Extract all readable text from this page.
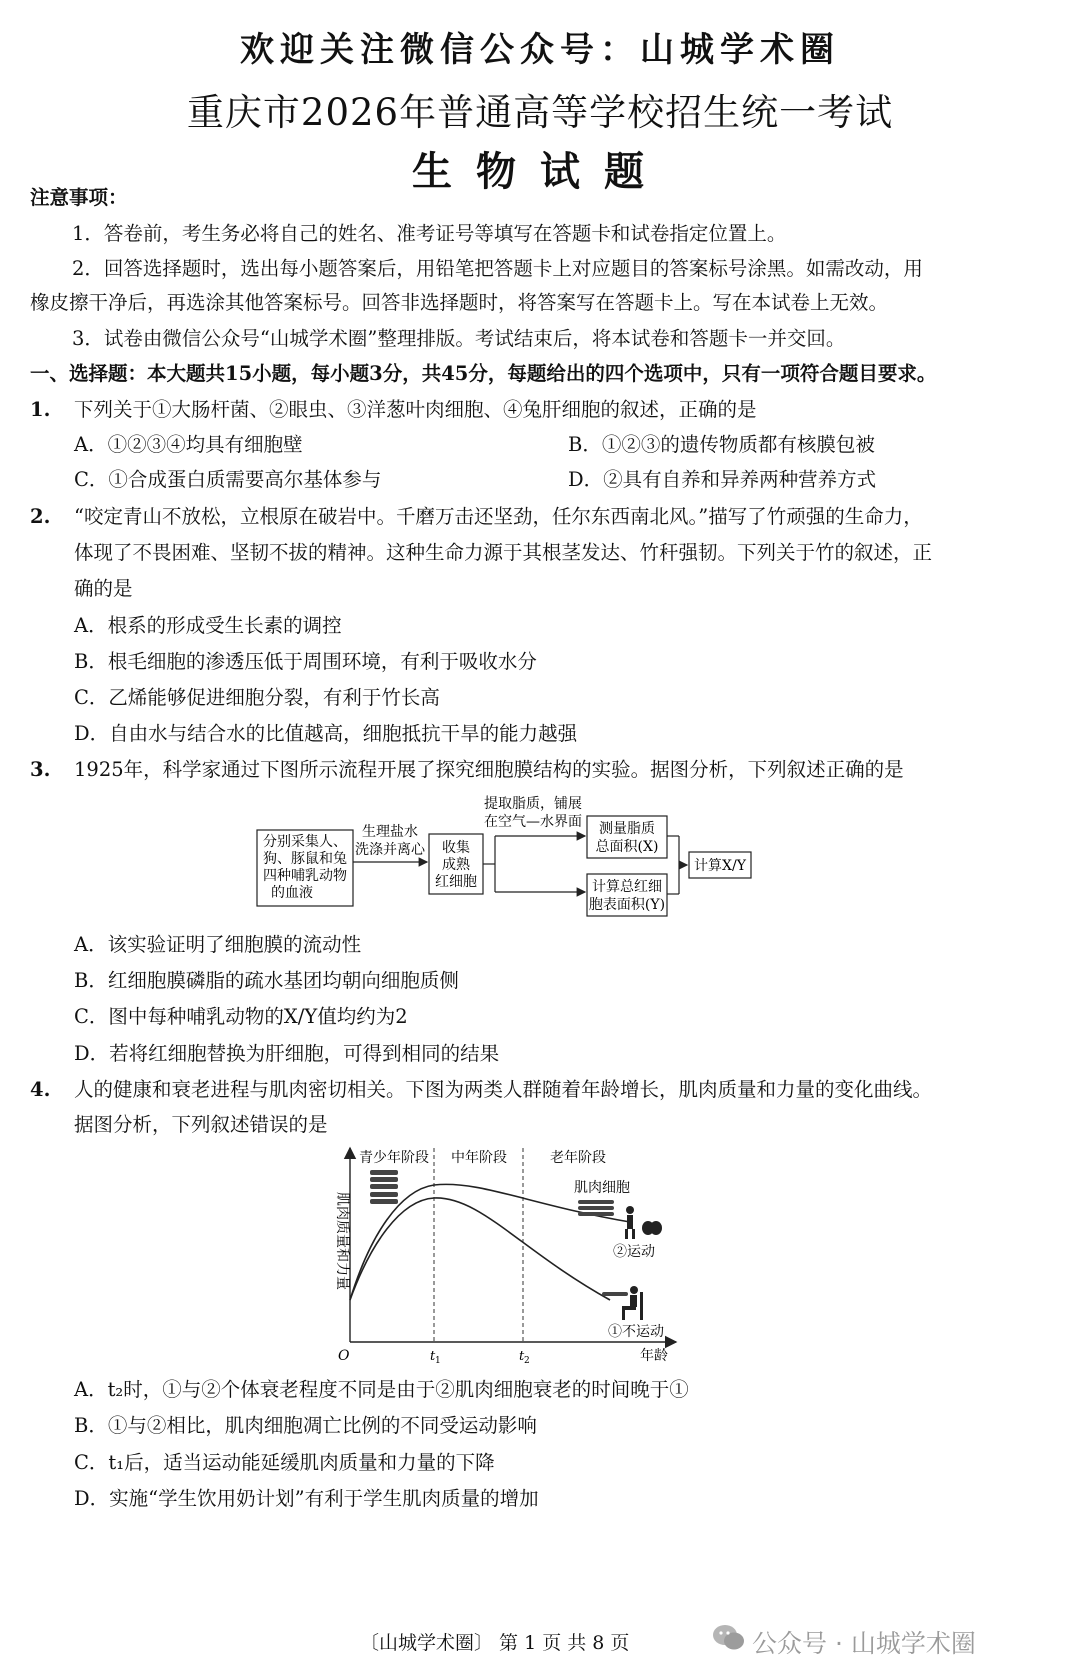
欢迎关注微信公众号：山城学术圈
重庆市2026年普通高等学校招生统一考试
生物试题
注意事项：
1．答卷前，考生务必将自己的姓名、准考证号等填写在答题卡和试卷指定位置上。
2．回答选择题时，选出每小题答案后，用铅笔把答题卡上对应题目的答案标号涂黑。如需改动，用
橡皮擦干净后，再选涂其他答案标号。回答非选择题时，将答案写在答题卡上。写在本试卷上无效。
3．试卷由微信公众号“山城学术圈”整理排版。考试结束后，将本试卷和答题卡一并交回。
一、选择题：本大题共15小题，每小题3分，共45分，每题给出的四个选项中，只有一项符合题目要求。
1. 下列关于①大肠杆菌、②眼虫、③洋葱叶肉细胞、④兔肝细胞的叙述，正确的是
A．①②③④均具有细胞壁	B．①②③的遗传物质都有核膜包被
C．①合成蛋白质需要高尔基体参与	D．②具有自养和异养两种营养方式
2. “咬定青山不放松，立根原在破岩中。千磨万击还坚劲，任尔东西南北风。”描写了竹顽强的生命力，
体现了不畏困难、坚韧不拔的精神。这种生命力源于其根茎发达、竹秆强韧。下列关于竹的叙述，正
确的是
A．根系的形成受生长素的调控
B．根毛细胞的渗透压低于周围环境，有利于吸收水分
C．乙烯能够促进细胞分裂，有利于竹长高
D．自由水与结合水的比值越高，细胞抵抗干旱的能力越强
3. 1925年，科学家通过下图所示流程开展了探究细胞膜结构的实验。据图分析，下列叙述正确的是
分别采集人、
狗、豚鼠和兔
四种哺乳动物
的血液
生理盐水
洗涤并离心 收集
成熟
红细胞
提取脂质，铺展
在空气—水界面 测量脂质
总面积(X)
计算总红细
胞表面积(Y)
计算X/Y
A．该实验证明了细胞膜的流动性
B．红细胞膜磷脂的疏水基团均朝向细胞质侧
C．图中每种哺乳动物的X/Y值均约为2
D．若将红细胞替换为肝细胞，可得到相同的结果
4. 人的健康和衰老进程与肌肉密切相关。下图为两类人群随着年龄增长，肌肉质量和力量的变化曲线。
据图分析，下列叙述错误的是
青少年阶段 中年阶段	老年阶段
肌肉质量和力量
肌肉细胞
②运动
①不运动
O	t 1	t 2	年龄
A．t₂时，①与②个体衰老程度不同是由于②肌肉细胞衰老的时间晚于①
B．①与②相比，肌肉细胞凋亡比例的不同受运动影响
C．t₁后，适当运动能延缓肌肉质量和力量的下降
D．实施“学生饮用奶计划”有利于学生肌肉质量的增加
〔山城学术圈〕 第 1 页 共 8 页	公众号 · 山城学术圈
